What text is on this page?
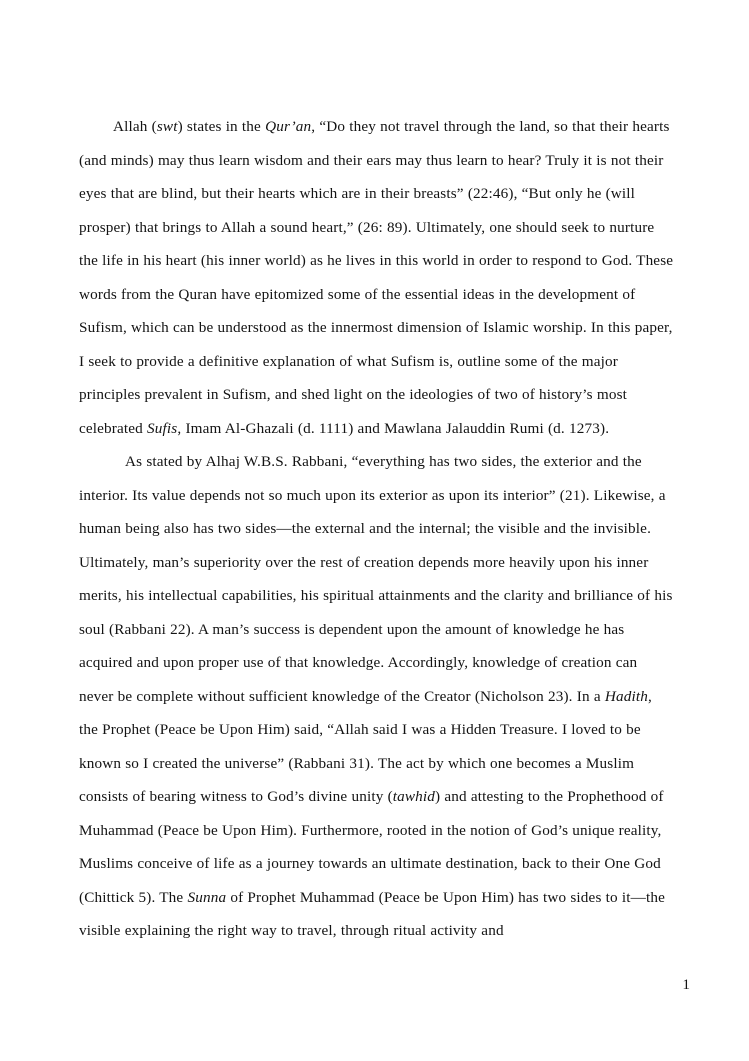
Allah (swt) states in the Qur’an, “Do they not travel through the land, so that their hearts (and minds) may thus learn wisdom and their ears may thus learn to hear? Truly it is not their eyes that are blind, but their hearts which are in their breasts” (22:46), “But only he (will prosper) that brings to Allah a sound heart,” (26: 89). Ultimately, one should seek to nurture the life in his heart (his inner world) as he lives in this world in order to respond to God. These words from the Quran have epitomized some of the essential ideas in the development of Sufism, which can be understood as the innermost dimension of Islamic worship. In this paper, I seek to provide a definitive explanation of what Sufism is, outline some of the major principles prevalent in Sufism, and shed light on the ideologies of two of history’s most celebrated Sufis, Imam Al-Ghazali (d. 1111) and Mawlana Jalauddin Rumi (d. 1273).

As stated by Alhaj W.B.S. Rabbani, “everything has two sides, the exterior and the interior. Its value depends not so much upon its exterior as upon its interior” (21). Likewise, a human being also has two sides—the external and the internal; the visible and the invisible. Ultimately, man’s superiority over the rest of creation depends more heavily upon his inner merits, his intellectual capabilities, his spiritual attainments and the clarity and brilliance of his soul (Rabbani 22). A man’s success is dependent upon the amount of knowledge he has acquired and upon proper use of that knowledge. Accordingly, knowledge of creation can never be complete without sufficient knowledge of the Creator (Nicholson 23). In a Hadith, the Prophet (Peace be Upon Him) said, “Allah said I was a Hidden Treasure. I loved to be known so I created the universe” (Rabbani 31). The act by which one becomes a Muslim consists of bearing witness to God’s divine unity (tawhid) and attesting to the Prophethood of Muhammad (Peace be Upon Him). Furthermore, rooted in the notion of God’s unique reality, Muslims conceive of life as a journey towards an ultimate destination, back to their One God (Chittick 5). The Sunna of Prophet Muhammad (Peace be Upon Him) has two sides to it—the visible explaining the right way to travel, through ritual activity and

1
